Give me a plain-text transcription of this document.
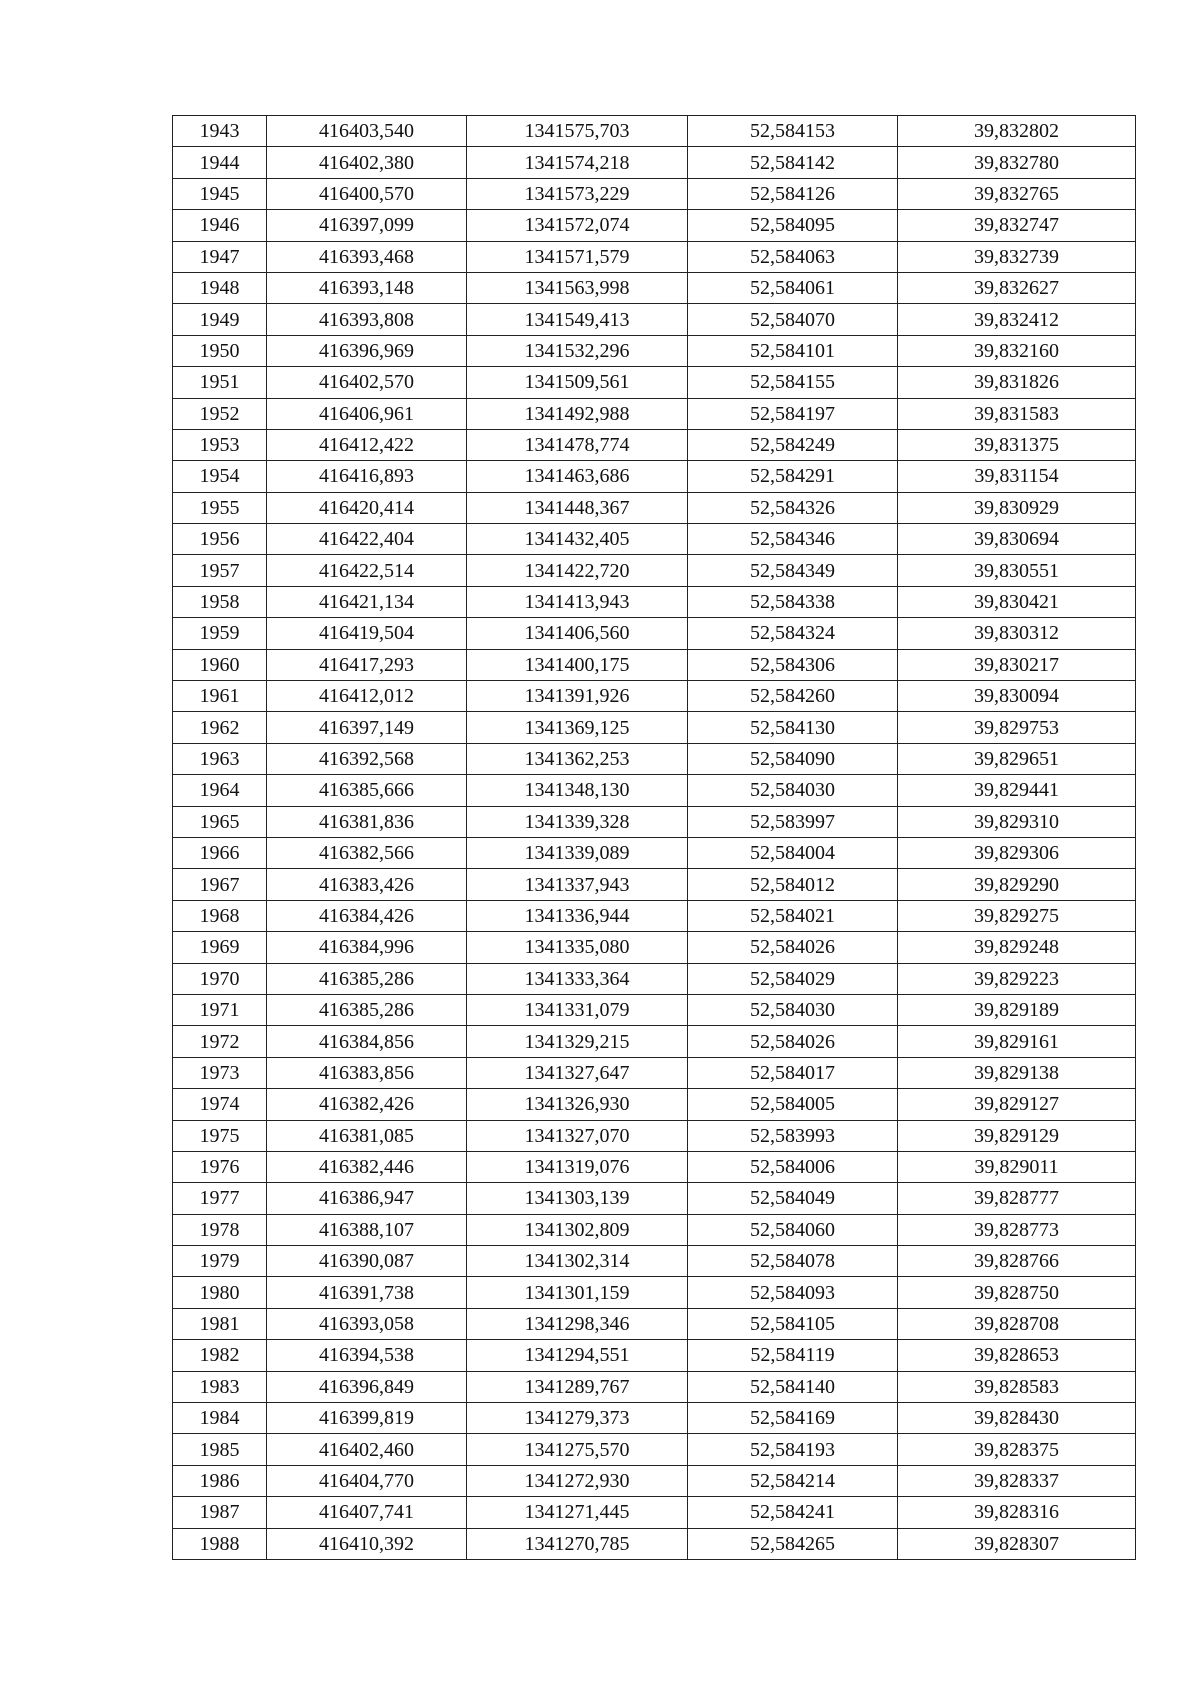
1943	416403,540	1341575,703	52,584153	39,832802
1944	416402,380	1341574,218	52,584142	39,832780
1945	416400,570	1341573,229	52,584126	39,832765
1946	416397,099	1341572,074	52,584095	39,832747
1947	416393,468	1341571,579	52,584063	39,832739
1948	416393,148	1341563,998	52,584061	39,832627
1949	416393,808	1341549,413	52,584070	39,832412
1950	416396,969	1341532,296	52,584101	39,832160
1951	416402,570	1341509,561	52,584155	39,831826
1952	416406,961	1341492,988	52,584197	39,831583
1953	416412,422	1341478,774	52,584249	39,831375
1954	416416,893	1341463,686	52,584291	39,831154
1955	416420,414	1341448,367	52,584326	39,830929
1956	416422,404	1341432,405	52,584346	39,830694
1957	416422,514	1341422,720	52,584349	39,830551
1958	416421,134	1341413,943	52,584338	39,830421
1959	416419,504	1341406,560	52,584324	39,830312
1960	416417,293	1341400,175	52,584306	39,830217
1961	416412,012	1341391,926	52,584260	39,830094
1962	416397,149	1341369,125	52,584130	39,829753
1963	416392,568	1341362,253	52,584090	39,829651
1964	416385,666	1341348,130	52,584030	39,829441
1965	416381,836	1341339,328	52,583997	39,829310
1966	416382,566	1341339,089	52,584004	39,829306
1967	416383,426	1341337,943	52,584012	39,829290
1968	416384,426	1341336,944	52,584021	39,829275
1969	416384,996	1341335,080	52,584026	39,829248
1970	416385,286	1341333,364	52,584029	39,829223
1971	416385,286	1341331,079	52,584030	39,829189
1972	416384,856	1341329,215	52,584026	39,829161
1973	416383,856	1341327,647	52,584017	39,829138
1974	416382,426	1341326,930	52,584005	39,829127
1975	416381,085	1341327,070	52,583993	39,829129
1976	416382,446	1341319,076	52,584006	39,829011
1977	416386,947	1341303,139	52,584049	39,828777
1978	416388,107	1341302,809	52,584060	39,828773
1979	416390,087	1341302,314	52,584078	39,828766
1980	416391,738	1341301,159	52,584093	39,828750
1981	416393,058	1341298,346	52,584105	39,828708
1982	416394,538	1341294,551	52,584119	39,828653
1983	416396,849	1341289,767	52,584140	39,828583
1984	416399,819	1341279,373	52,584169	39,828430
1985	416402,460	1341275,570	52,584193	39,828375
1986	416404,770	1341272,930	52,584214	39,828337
1987	416407,741	1341271,445	52,584241	39,828316
1988	416410,392	1341270,785	52,584265	39,828307
